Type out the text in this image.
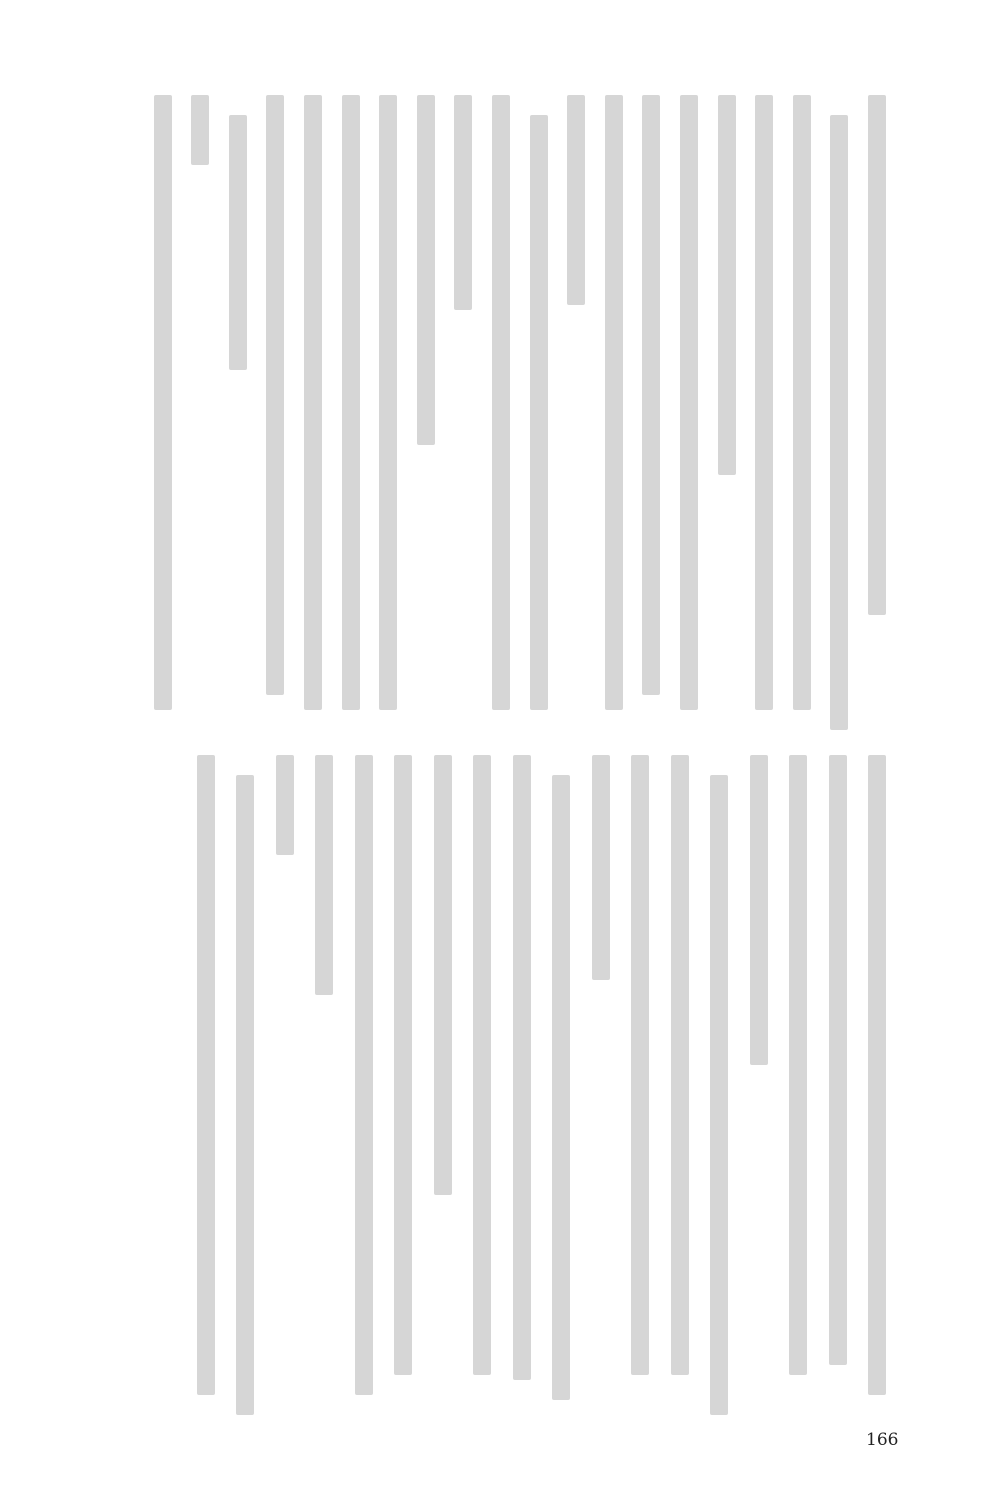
166
